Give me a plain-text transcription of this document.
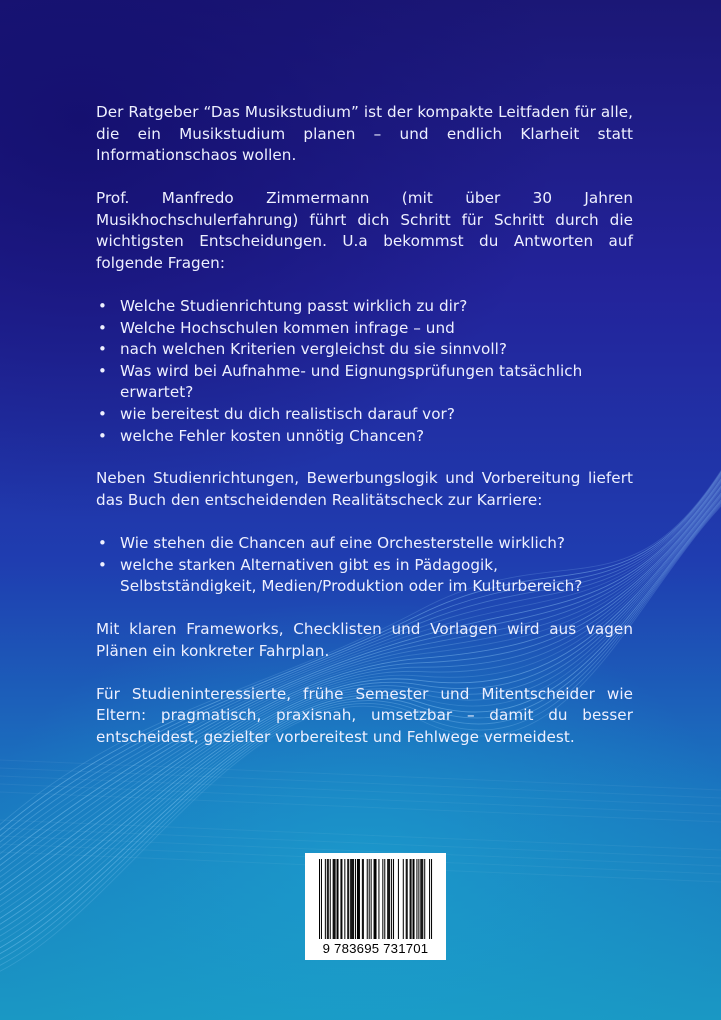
Der Ratgeber “Das Musikstudium” ist der kompakte Leitfaden für alle, die ein Musikstudium planen – und endlich Klarheit statt Informationschaos wollen.

Prof. Manfredo Zimmermann (mit über 30 Jahren Musikhochschulerfahrung) führt dich Schritt für Schritt durch die wichtigsten Entscheidungen. U.a bekommst du Antworten auf folgende Fragen:

• Welche Studienrichtung passt wirklich zu dir?
• Welche Hochschulen kommen infrage – und
• nach welchen Kriterien vergleichst du sie sinnvoll?
• Was wird bei Aufnahme- und Eignungsprüfungen tatsächlich erwartet?
• wie bereitest du dich realistisch darauf vor?
• welche Fehler kosten unnötig Chancen?

Neben Studienrichtungen, Bewerbungslogik und Vorbereitung liefert das Buch den entscheidenden Realitätscheck zur Karriere:

• Wie stehen die Chancen auf eine Orchesterstelle wirklich?
• welche starken Alternativen gibt es in Pädagogik, Selbstständigkeit, Medien/Produktion oder im Kulturbereich?

Mit klaren Frameworks, Checklisten und Vorlagen wird aus vagen Plänen ein konkreter Fahrplan.

Für Studieninteressierte, frühe Semester und Mitentscheider wie Eltern: pragmatisch, praxisnah, umsetzbar – damit du besser entscheidest, gezielter vorbereitest und Fehlwege vermeidest.

9 783695 731701
